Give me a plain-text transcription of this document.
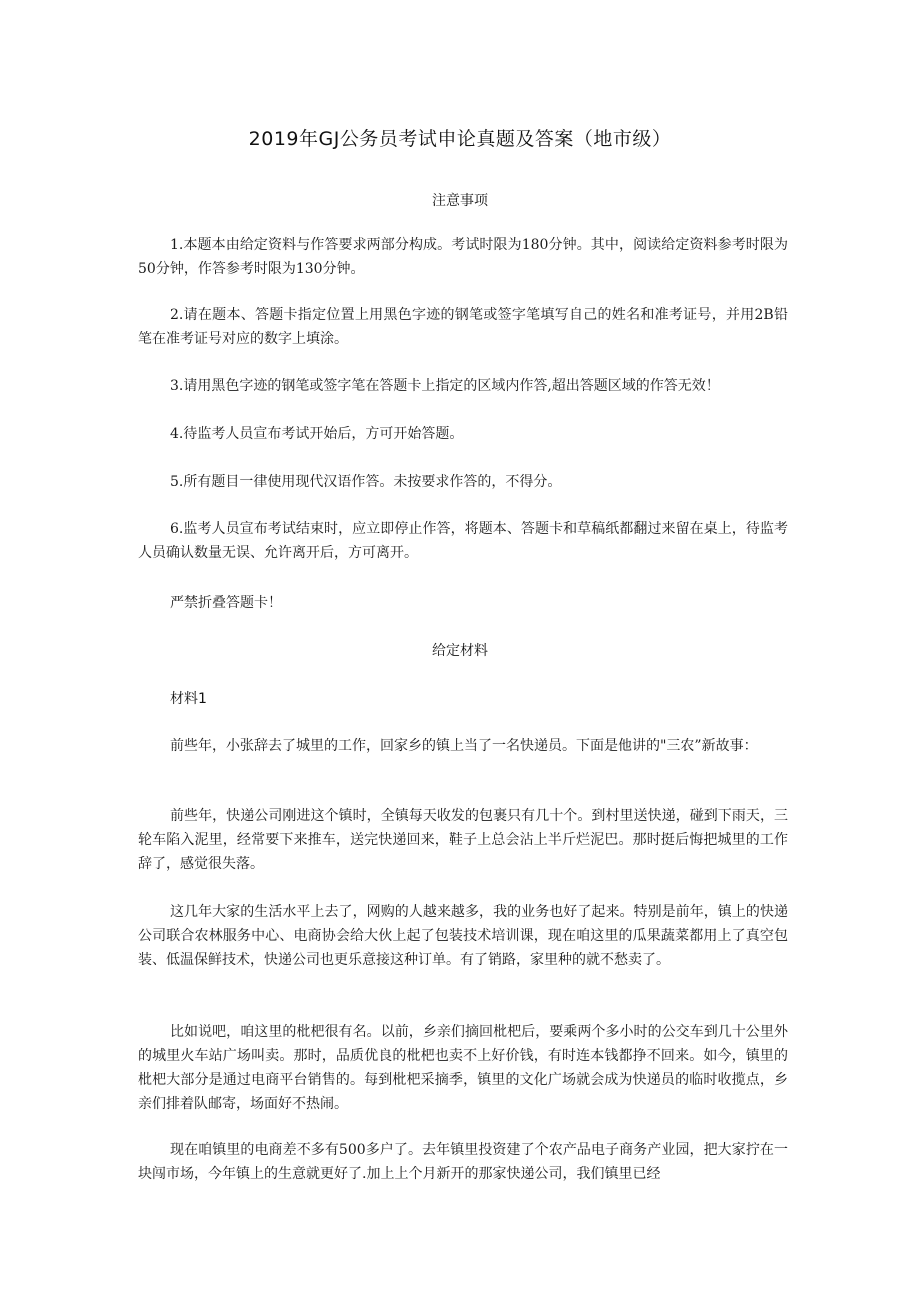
2019年GJ公务员考试申论真题及答案（地市级）
注意事项

1.本题本由给定资料与作答要求两部分构成。考试时限为180分钟。其中，阅读给定资料参考时限为50分钟，作答参考时限为130分钟。

2.请在题本、答题卡指定位置上用黑色字迹的钢笔或签字笔填写自己的姓名和准考证号，并用2B铅笔在准考证号对应的数字上填涂。

3.请用黑色字迹的钢笔或签字笔在答题卡上指定的区域内作答,超出答题区域的作答无效！

4.待监考人员宣布考试开始后，方可开始答题。

5.所有题目一律使用现代汉语作答。未按要求作答的，不得分。

6.监考人员宣布考试结束时，应立即停止作答，将题本、答题卡和草稿纸都翻过来留在桌上，待监考人员确认数量无误、允许离开后，方可离开。

严禁折叠答题卡！

给定材料
材料1

前些年，小张辞去了城里的工作，回家乡的镇上当了一名快递员。下面是他讲的"三农”新故事：

前些年，快递公司刚进这个镇时，全镇每天收发的包裹只有几十个。到村里送快递，碰到下雨天，三轮车陷入泥里，经常要下来推车，送完快递回来，鞋子上总会沾上半斤烂泥巴。那时挺后悔把城里的工作辞了，感觉很失落。

这几年大家的生活水平上去了，网购的人越来越多，我的业务也好了起来。特别是前年，镇上的快递公司联合农林服务中心、电商协会给大伙上起了包装技术培训课，现在咱这里的瓜果蔬菜都用上了真空包装、低温保鲜技术，快递公司也更乐意接这种订单。有了销路，家里种的就不愁卖了。

比如说吧，咱这里的枇杷很有名。以前，乡亲们摘回枇杷后，要乘两个多小时的公交车到几十公里外的城里火车站广场叫卖。那时，品质优良的枇杷也卖不上好价钱，有时连本钱都挣不回来。如今，镇里的枇杷大部分是通过电商平台销售的。每到枇杷采摘季，镇里的文化广场就会成为快递员的临时收揽点，乡亲们排着队邮寄，场面好不热闹。

现在咱镇里的电商差不多有500多户了。去年镇里投资建了个农产品电子商务产业园，把大家拧在一块闯市场，今年镇上的生意就更好了.加上上个月新开的那家快递公司，我们镇里已经
